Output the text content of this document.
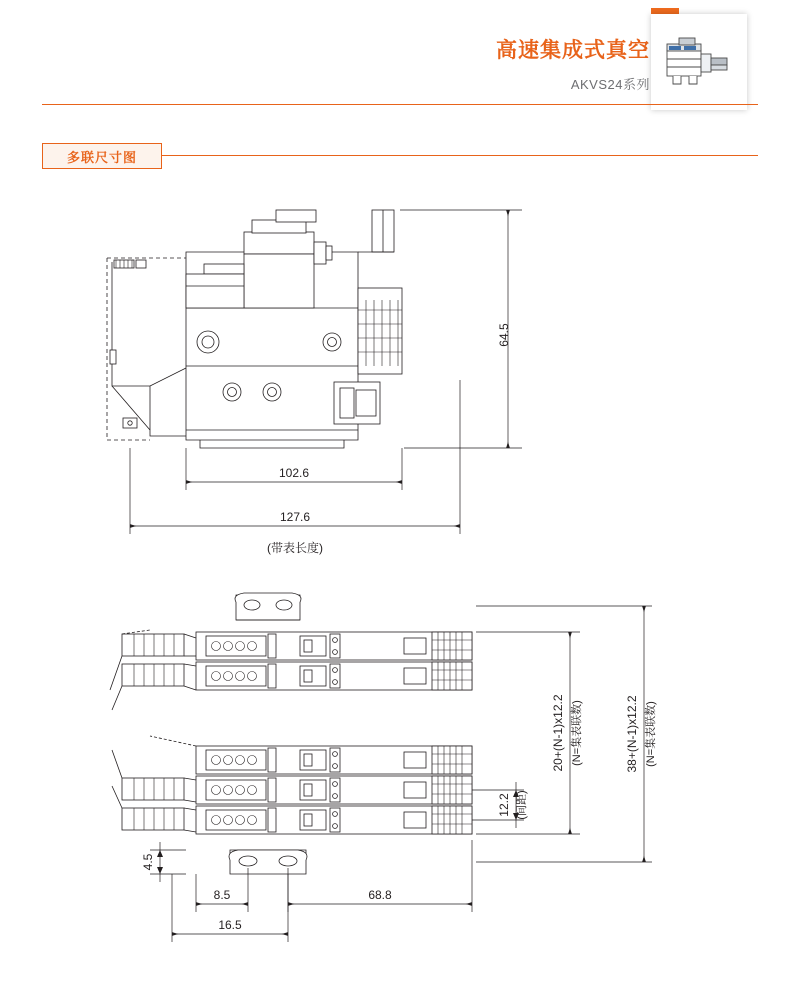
高速集成式真空
AKVS24系列
多联尺寸图
64.5
102.6
127.6
(带表长度)
12.2 (间距)
20+(N-1)x12.2 (N=集表联数)	38+(N-1)x12.2 (N=集表联数)
4.5
8.5
16.5
68.8
